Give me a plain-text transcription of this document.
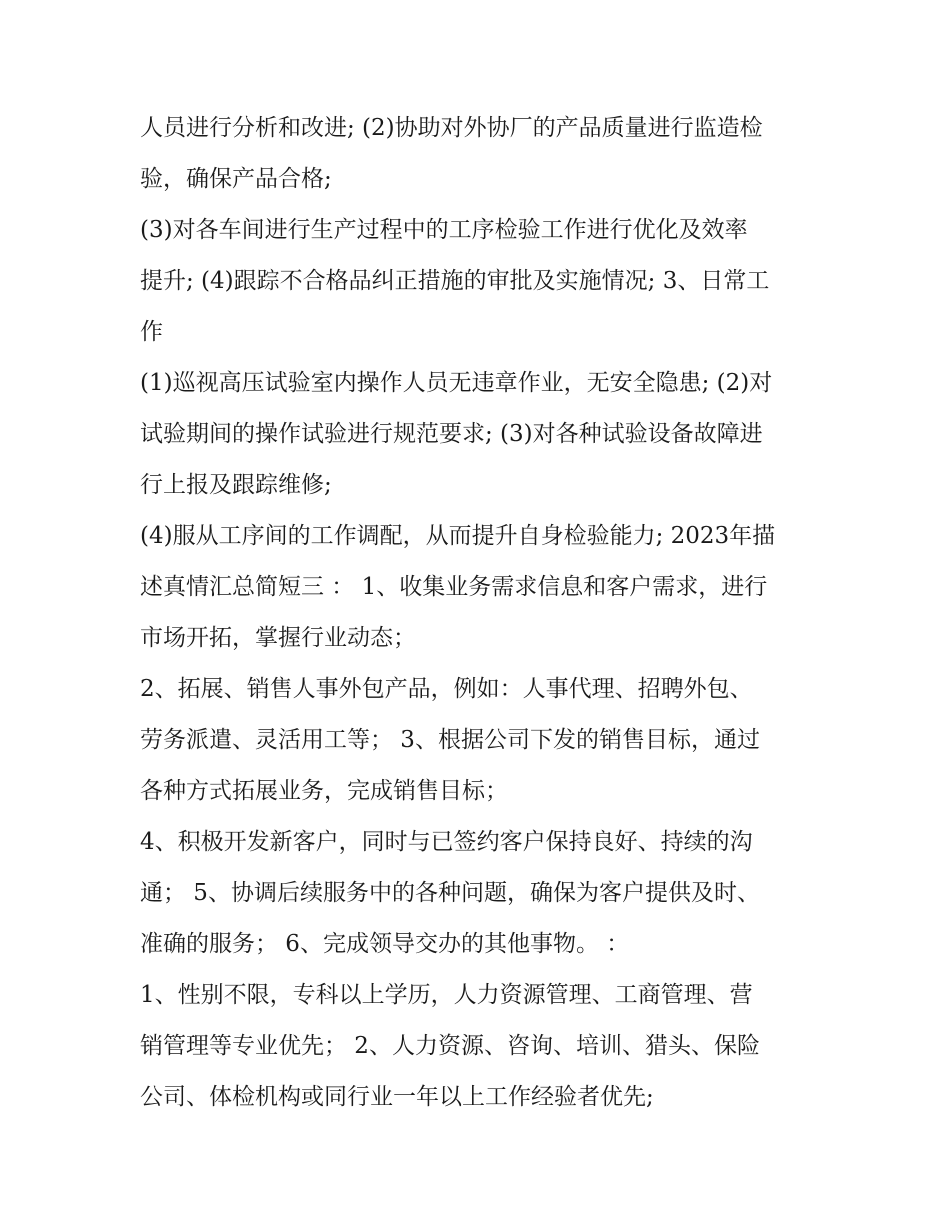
人员进行分析和改进; (2)协助对外协厂的产品质量进行监造检
验，确保产品合格;
(3)对各车间进行生产过程中的工序检验工作进行优化及效率
提升; (4)跟踪不合格品纠正措施的审批及实施情况; 3、日常工
作
(1)巡视高压试验室内操作人员无违章作业，无安全隐患; (2)对
试验期间的操作试验进行规范要求; (3)对各种试验设备故障进
行上报及跟踪维修;
(4)服从工序间的工作调配，从而提升自身检验能力; 2023年描
述真情汇总简短三 ： 1、收集业务需求信息和客户需求，进行
市场开拓，掌握行业动态；
2、拓展、销售人事外包产品，例如：人事代理、招聘外包、
劳务派遣、灵活用工等； 3、根据公司下发的销售目标，通过
各种方式拓展业务，完成销售目标；
4、积极开发新客户，同时与已签约客户保持良好、持续的沟
通； 5、协调后续服务中的各种问题，确保为客户提供及时、
准确的服务； 6、完成领导交办的其他事物。 ：
1、性别不限，专科以上学历，人力资源管理、工商管理、营
销管理等专业优先； 2、人力资源、咨询、培训、猎头、保险
公司、体检机构或同行业一年以上工作经验者优先;
